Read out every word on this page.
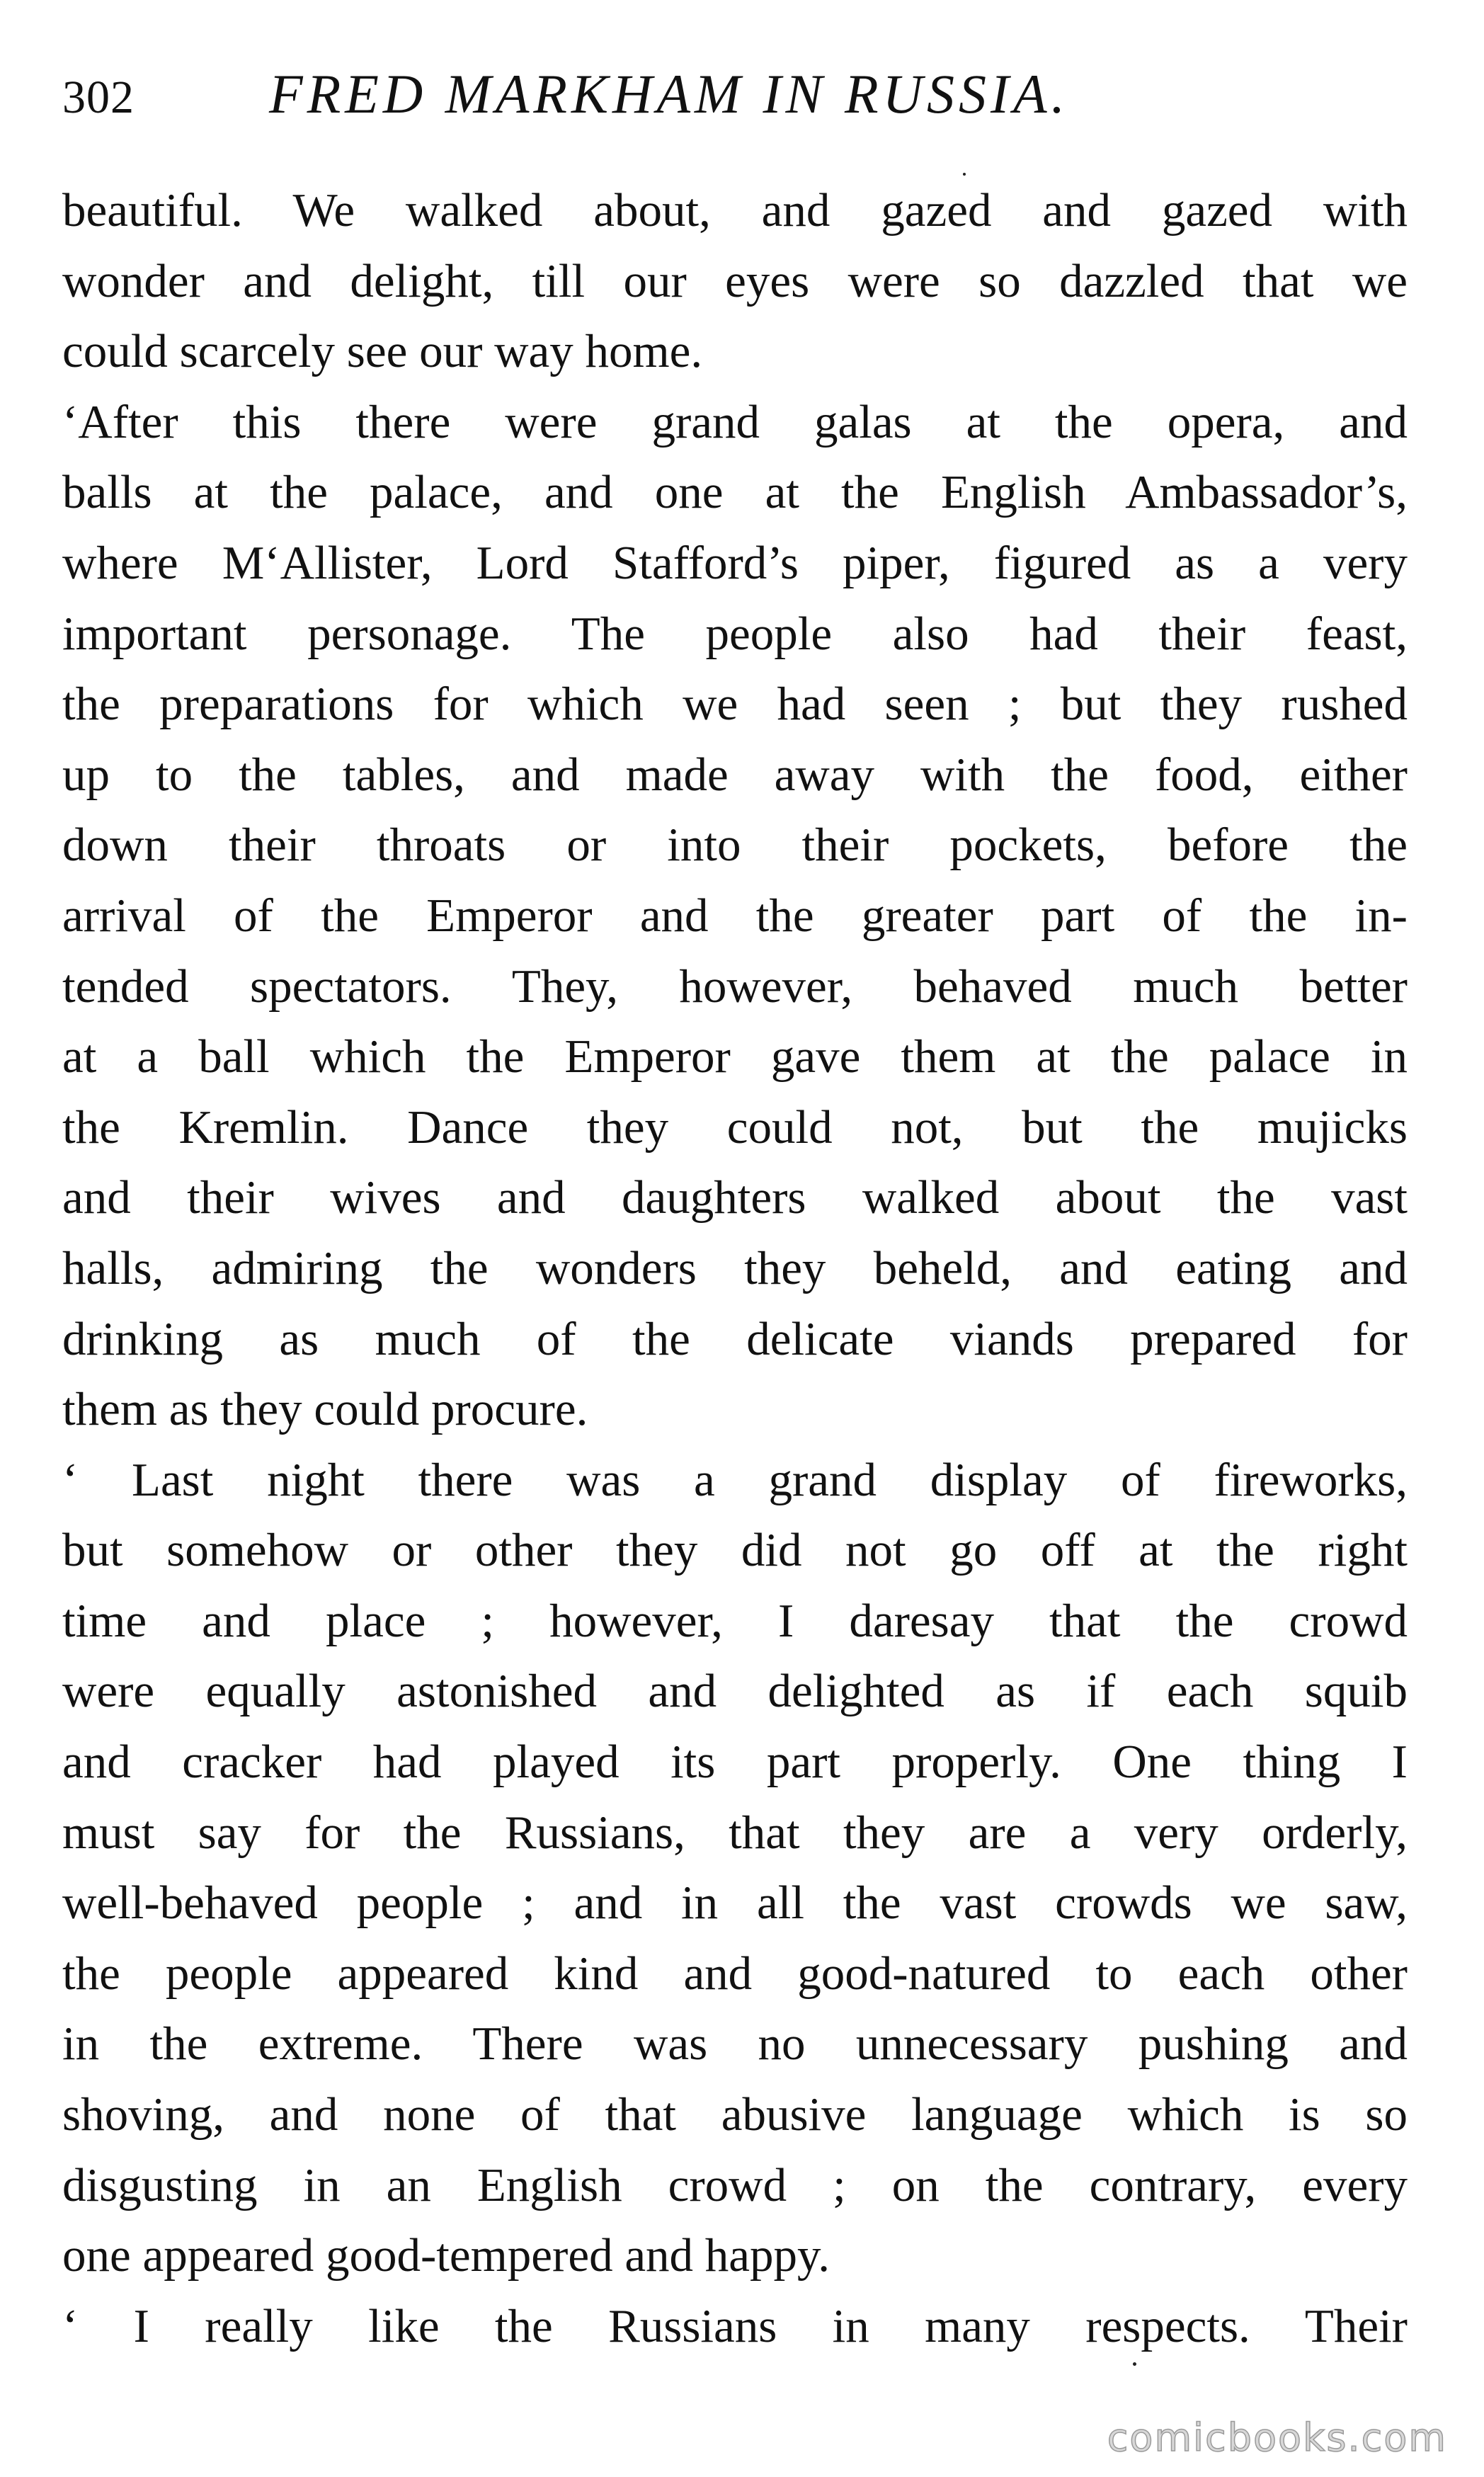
302 FRED MARKHAM IN RUSSIA.
beautiful. We walked about, and gazed and gazed with
wonder and delight, till our eyes were so dazzled that we
could scarcely see our way home.
‘After this there were grand galas at the opera, and
balls at the palace, and one at the English Ambassador’s,
where M‘Allister, Lord Stafford’s piper, figured as a very
important personage. The people also had their feast,
the preparations for which we had seen ; but they rushed
up to the tables, and made away with the food, either
down their throats or into their pockets, before the
arrival of the Emperor and the greater part of the in-
tended spectators. They, however, behaved much better
at a ball which the Emperor gave them at the palace in
the Kremlin. Dance they could not, but the mujicks
and their wives and daughters walked about the vast
halls, admiring the wonders they beheld, and eating and
drinking as much of the delicate viands prepared for
them as they could procure.
‘ Last night there was a grand display of fireworks,
but somehow or other they did not go off at the right
time and place ; however, I daresay that the crowd
were equally astonished and delighted as if each squib
and cracker had played its part properly. One thing I
must say for the Russians, that they are a very orderly,
well-behaved people ; and in all the vast crowds we saw,
the people appeared kind and good-natured to each other
in the extreme. There was no unnecessary pushing and
shoving, and none of that abusive language which is so
disgusting in an English crowd ; on the contrary, every
one appeared good-tempered and happy.
‘ I really like the Russians in many respects. Their
comicbooks.com
